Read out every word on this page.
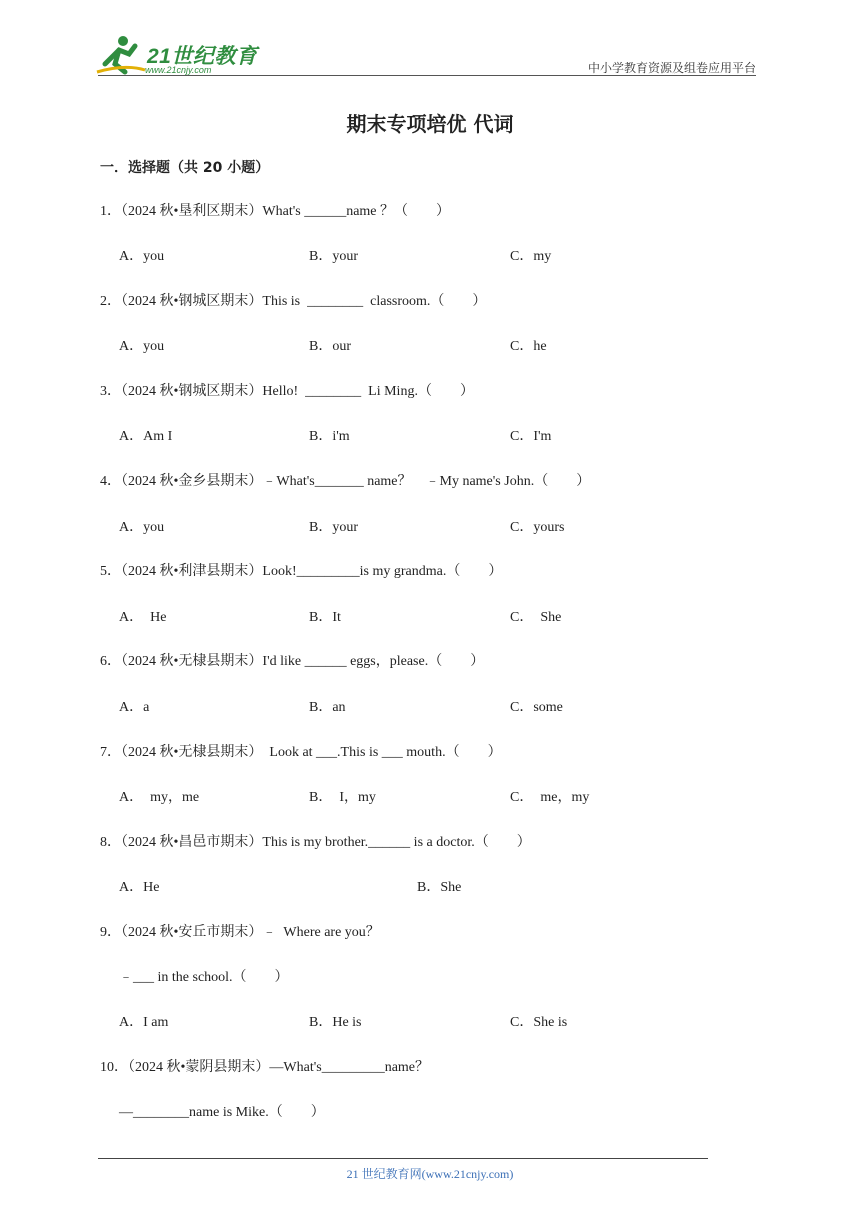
21世纪教育
www.21cnjy.com	中小学教育资源及组卷应用平台
期末专项培优 代词
一．选择题（共 20 小题）
1．（2024 秋•垦利区期末）What's ______name ？（　　）
A．you	B．your	C．my
2．（2024 秋•钢城区期末）This is  ________  classroom.（　　）
A．you	B．our	C．he
3．（2024 秋•钢城区期末）Hello!  ________  Li Ming.（　　）
A．Am I	B．i'm	C．I'm
4．（2024 秋•金乡县期末）﹣What's_______ name？　﹣My name's John.（　　）
A．you	B．your	C．yours
5．（2024 秋•利津县期末）Look!_________is my grandma.（　　）
A．  He	B．It	C．  She
6．（2024 秋•无棣县期末）I'd like ______ eggs，please.（　　）
A．a	B．an	C．some
7．（2024 秋•无棣县期末）  Look at ___.This is ___ mouth.（　　）
A．  my，me	B．  I，my	C．  me，my
8．（2024 秋•昌邑市期末）This is my brother.______ is a doctor.（　　）
A．He	B．She
9．（2024 秋•安丘市期末）﹣  Where are you？
﹣___ in the school.（　　）
A．I am	B．He is	C．She is
10．（2024 秋•蒙阴县期末）—What's_________name？
—________name is Mike.（　　）
21 世纪教育网(www.21cnjy.com)
